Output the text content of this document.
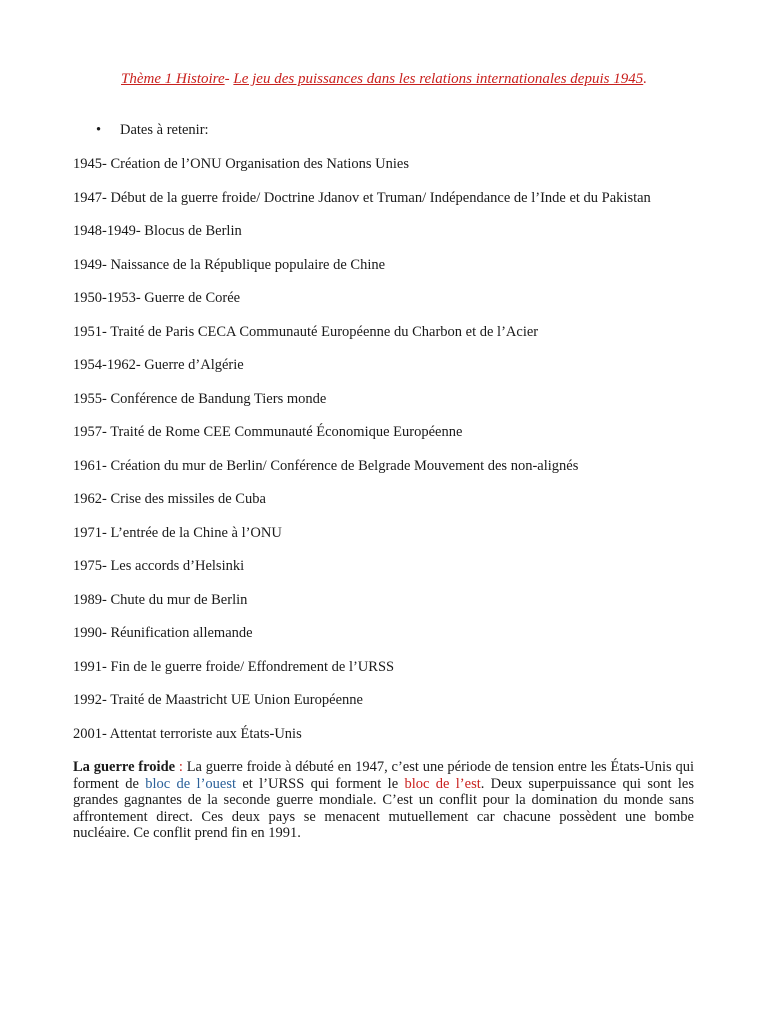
Thème 1 Histoire- Le jeu des puissances dans les relations internationales depuis 1945.
• Dates à retenir:
1945- Création de l’ONU Organisation des Nations Unies
1947- Début de la guerre froide/ Doctrine Jdanov et Truman/ Indépendance de l’Inde et du Pakistan
1948-1949- Blocus de Berlin
1949- Naissance de la République populaire de Chine
1950-1953- Guerre de Corée
1951- Traité de Paris CECA Communauté Européenne du Charbon et de l’Acier
1954-1962- Guerre d’Algérie
1955- Conférence de Bandung Tiers monde
1957- Traité de Rome CEE Communauté Économique Européenne
1961- Création du mur de Berlin/ Conférence de Belgrade Mouvement des non-alignés
1962- Crise des missiles de Cuba
1971- L’entrée de la Chine à l’ONU
1975- Les accords d’Helsinki
1989- Chute du mur de Berlin
1990- Réunification allemande
1991- Fin de le guerre froide/ Effondrement de l’URSS
1992- Traité de Maastricht UE Union Européenne
2001- Attentat terroriste aux États-Unis

La guerre froide : La guerre froide à débuté en 1947, c’est une période de tension entre les États-Unis qui forment de bloc de l’ouest et l’URSS qui forment le bloc de l’est. Deux superpuissance qui sont les grandes gagnantes de la seconde guerre mondiale. C’est un conflit pour la domination du monde sans affrontement direct. Ces deux pays se menacent mutuellement car chacune possèdent une bombe nucléaire. Ce conflit prend fin en 1991.
